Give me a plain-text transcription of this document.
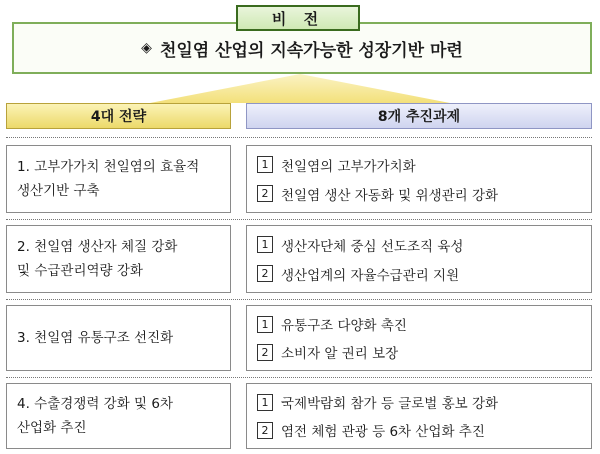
◈ 천일염 산업의 지속가능한 성장기반 마련
비 전
4대 전략	8개 추진과제
1. 고부가가치 천일염의 효율적
생산기반 구축
1 천일염의 고부가가치화
2 천일염 생산 자동화 및 위생관리 강화
2. 천일염 생산자 체질 강화
및 수급관리역량 강화
1 생산자단체 중심 선도조직 육성
2 생산업계의 자율수급관리 지원
3. 천일염 유통구조 선진화
1 유통구조 다양화 촉진
2 소비자 알 권리 보장
4. 수출경쟁력 강화 및 6차
산업화 추진
1 국제박람회 참가 등 글로벌 홍보 강화
2 염전 체험 관광 등 6차 산업화 추진
